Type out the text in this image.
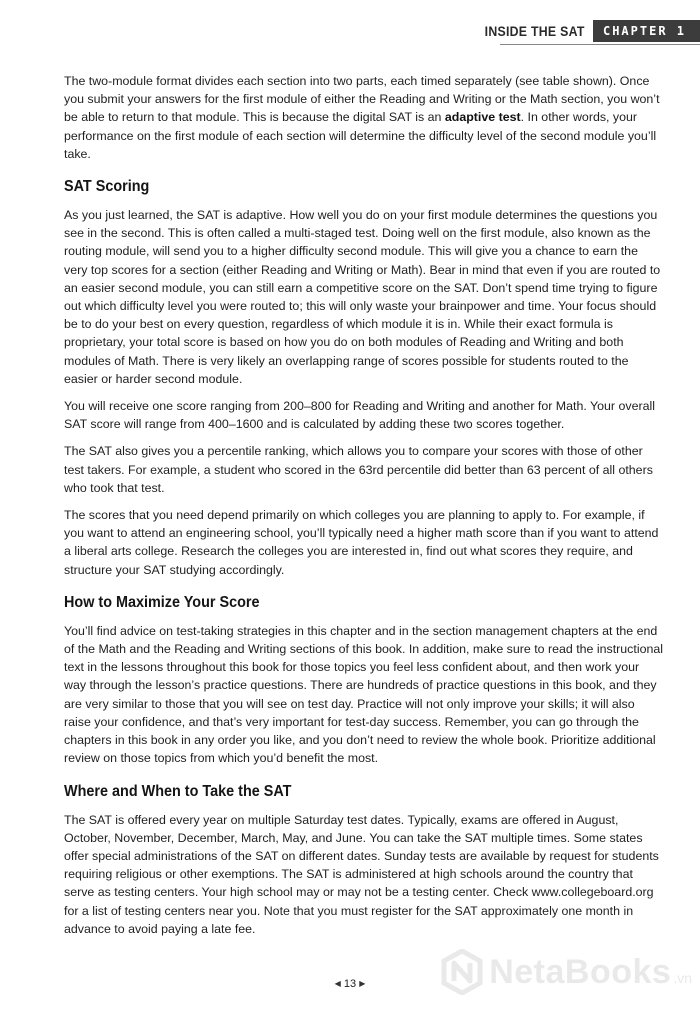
INSIDE THE SAT	CHAPTER 1

The two-module format divides each section into two parts, each timed separately (see table shown). Once you submit your answers for the first module of either the Reading and Writing or the Math section, you won’t be able to return to that module. This is because the digital SAT is an adaptive test. In other words, your performance on the first module of each section will determine the difficulty level of the second module you’ll take.

SAT Scoring

As you just learned, the SAT is adaptive. How well you do on your first module determines the questions you see in the second. This is often called a multi-staged test. Doing well on the first module, also known as the routing module, will send you to a higher difficulty second module. This will give you a chance to earn the very top scores for a section (either Reading and Writing or Math). Bear in mind that even if you are routed to an easier second module, you can still earn a competitive score on the SAT. Don’t spend time trying to figure out which difficulty level you were routed to; this will only waste your brainpower and time. Your focus should be to do your best on every question, regardless of which module it is in. While their exact formula is proprietary, your total score is based on how you do on both modules of Reading and Writing and both modules of Math. There is very likely an overlapping range of scores possible for students routed to the easier or harder second module.

You will receive one score ranging from 200–800 for Reading and Writing and another for Math. Your overall SAT score will range from 400–1600 and is calculated by adding these two scores together.

The SAT also gives you a percentile ranking, which allows you to compare your scores with those of other test takers. For example, a student who scored in the 63rd percentile did better than 63 percent of all others who took that test.

The scores that you need depend primarily on which colleges you are planning to apply to. For example, if you want to attend an engineering school, you’ll typically need a higher math score than if you want to attend a liberal arts college. Research the colleges you are interested in, find out what scores they require, and structure your SAT studying accordingly.

How to Maximize Your Score

You’ll find advice on test-taking strategies in this chapter and in the section management chapters at the end of the Math and the Reading and Writing sections of this book. In addition, make sure to read the instructional text in the lessons throughout this book for those topics you feel less confident about, and then work your way through the lesson’s practice questions. There are hundreds of practice questions in this book, and they are very similar to those that you will see on test day. Practice will not only improve your skills; it will also raise your confidence, and that’s very important for test-day success. Remember, you can go through the chapters in this book in any order you like, and you don’t need to review the whole book. Prioritize additional review on those topics from which you’d benefit the most.

Where and When to Take the SAT

The SAT is offered every year on multiple Saturday test dates. Typically, exams are offered in August, October, November, December, March, May, and June. You can take the SAT multiple times. Some states offer special administrations of the SAT on different dates. Sunday tests are available by request for students requiring religious or other exemptions. The SAT is administered at high schools around the country that serve as testing centers. Your high school may or may not be a testing center. Check www.collegeboard.org for a list of testing centers near you. Note that you must register for the SAT approximately one month in advance to avoid paying a late fee.

◀ 13 ▶	NetaBooks .vn
